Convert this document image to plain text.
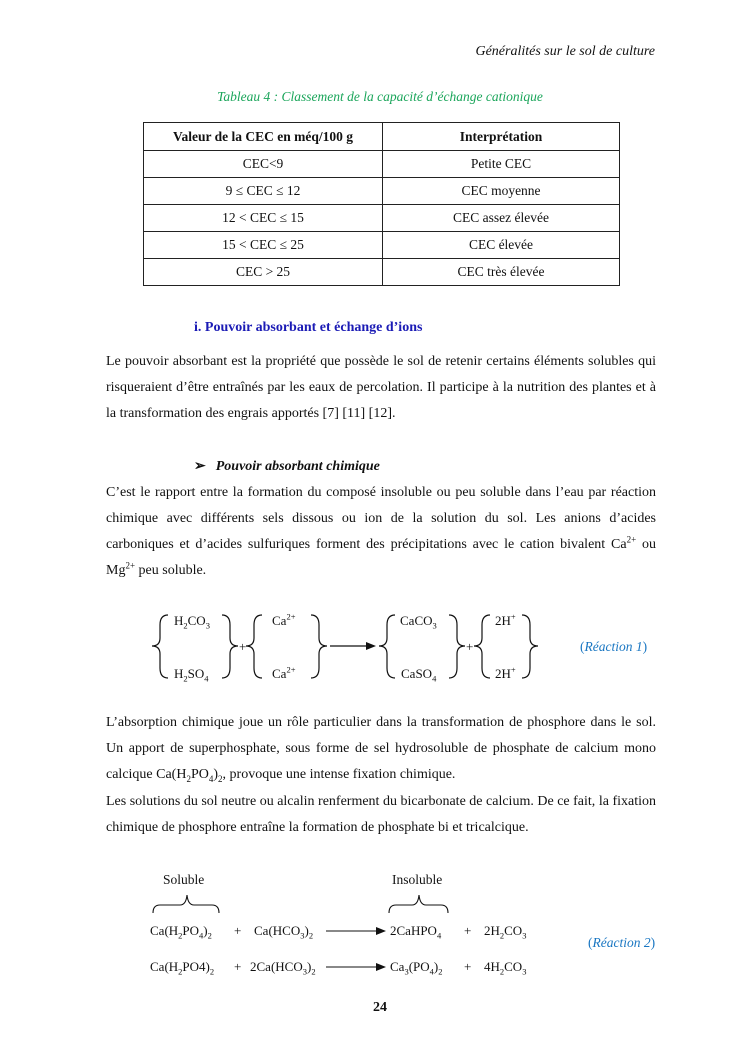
Généralités sur le sol de culture
Tableau 4 : Classement de la capacité d’échange cationique
Valeur de la CEC en méq/100 g	Interprétation
CEC<9	Petite CEC
9 ≤ CEC ≤ 12	CEC moyenne
12 < CEC ≤ 15	CEC assez élevée
15 < CEC ≤ 25	CEC élevée
CEC > 25	CEC très élevée
i. Pouvoir absorbant et échange d’ions
Le pouvoir absorbant est la propriété que possède le sol de retenir certains éléments solubles qui risqueraient d’être entraînés par les eaux de percolation. Il participe à la nutrition des plantes et à la transformation des engrais apportés [7] [11] [12].
➢ Pouvoir absorbant chimique
C’est le rapport entre la formation du composé insoluble ou peu soluble dans l’eau par réaction chimique avec différents sels dissous ou ion de la solution du sol. Les anions d’acides carboniques et d’acides sulfuriques forment des précipitations avec le cation bivalent $Ca^{2+}$ ou $Mg^{2+}$ peu soluble.
$H_2CO_3$
$H_2SO_4$
$Ca^{2+}$
$Ca^{2+}$
+
CaCO$_3$
CaSO$_4$
+
2H+
2H+
(Réaction 1)
L’absorption chimique joue un rôle particulier dans la transformation de phosphore dans le sol. Un apport de superphosphate, sous forme de sel hydrosoluble de phosphate de calcium mono calcique $Ca(H_2PO_4)_2$, provoque une intense fixation chimique.
Les solutions du sol neutre ou alcalin renferment du bicarbonate de calcium. De ce fait, la fixation chimique de phosphore entraîne la formation de phosphate bi et tricalcique.
Soluble	Insoluble
$Ca(H_2PO_4)_2 + Ca(HCO_3)_2$	2CaHPO$_4$ + $2H_2CO_3$	(Réaction 2)
$Ca(H_2PO4)_2 + 2Ca(HCO_3)_2$	$Ca_3(PO_4)_2 + 4H_2CO_3$
24
